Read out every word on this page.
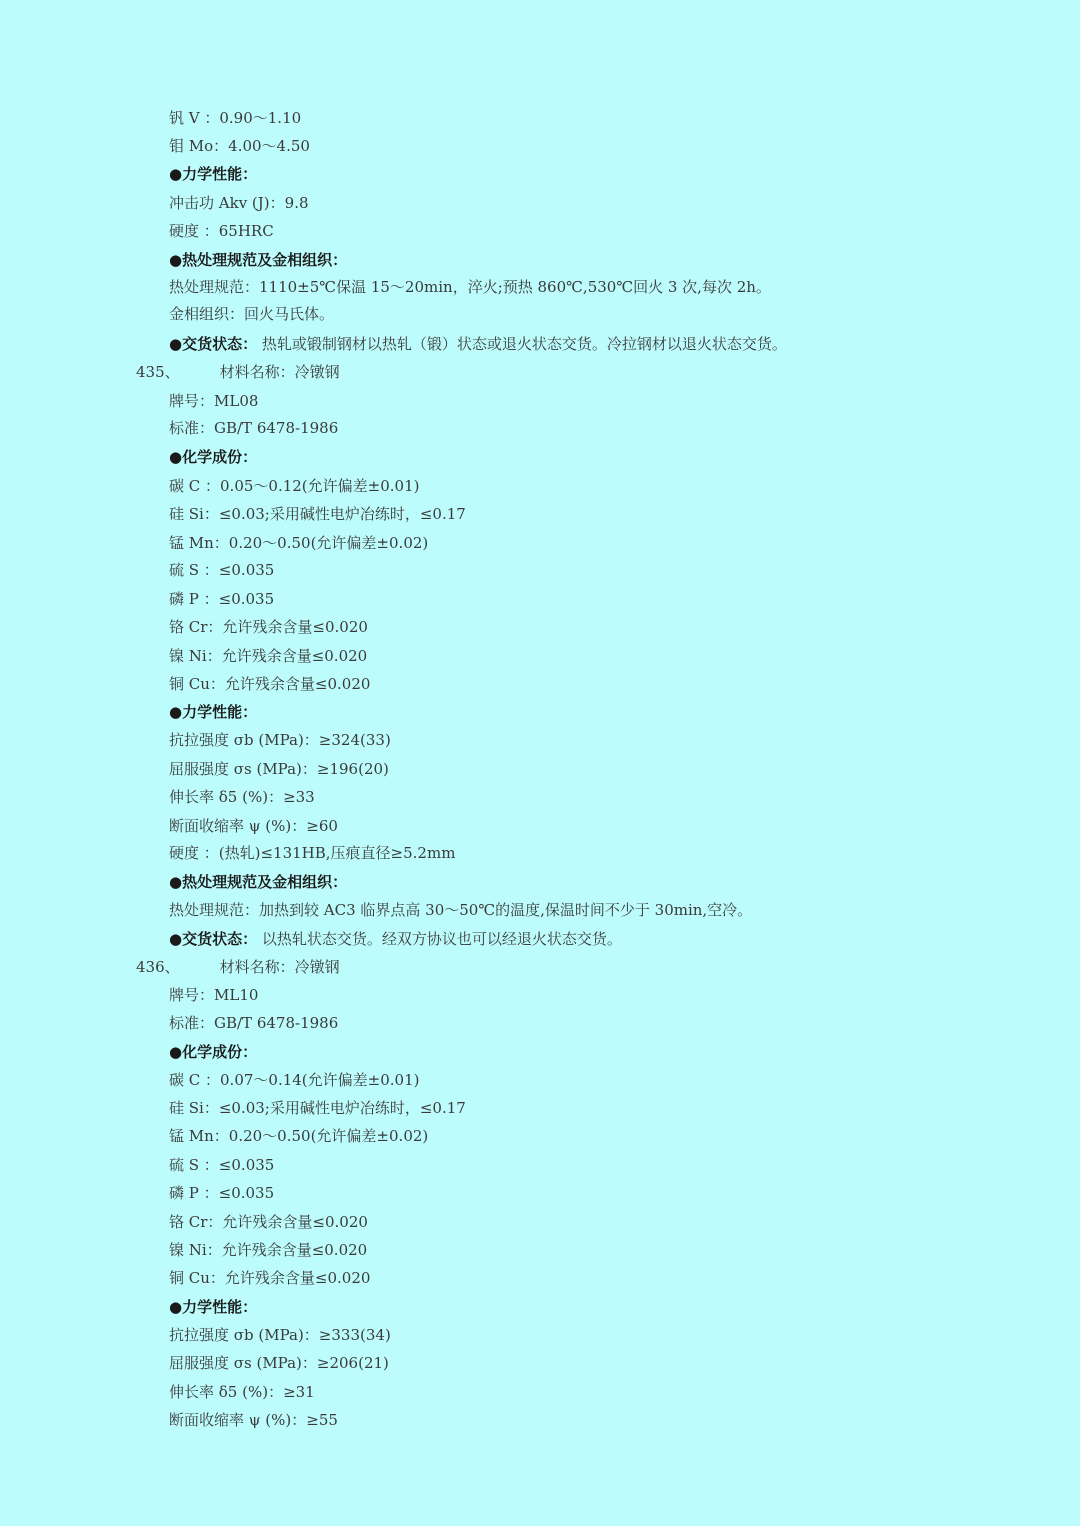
钒 V ：0.90～1.10
钼 Mo：4.00～4.50
●力学性能：
冲击功 Akv (J)：9.8
硬度 ：65HRC
●热处理规范及金相组织：
热处理规范：1110±5℃保温 15～20min，淬火;预热 860℃,530℃回火 3 次,每次 2h。
金相组织：回火马氏体。
●交货状态： 热轧或锻制钢材以热轧（锻）状态或退火状态交货。冷拉钢材以退火状态交货。
435、	材料名称：冷镦钢
牌号：ML08
标准：GB/T 6478-1986
●化学成份：
碳 C ：0.05～0.12(允许偏差±0.01)
硅 Si：≤0.03;采用碱性电炉冶练时，≤0.17
锰 Mn：0.20～0.50(允许偏差±0.02)
硫 S ：≤0.035
磷 P ：≤0.035
铬 Cr：允许残余含量≤0.020
镍 Ni：允许残余含量≤0.020
铜 Cu：允许残余含量≤0.020
●力学性能：
抗拉强度 σb (MPa)：≥324(33)
屈服强度 σs (MPa)：≥196(20)
伸长率 δ5 (%)：≥33
断面收缩率 ψ (%)：≥60
硬度 ：(热轧)≤131HB,压痕直径≥5.2mm
●热处理规范及金相组织：
热处理规范：加热到较 AC3 临界点高 30～50℃的温度,保温时间不少于 30min,空冷。
●交货状态： 以热轧状态交货。经双方协议也可以经退火状态交货。
436、	材料名称：冷镦钢
牌号：ML10
标准：GB/T 6478-1986
●化学成份：
碳 C ：0.07～0.14(允许偏差±0.01)
硅 Si：≤0.03;采用碱性电炉冶练时，≤0.17
锰 Mn：0.20～0.50(允许偏差±0.02)
硫 S ：≤0.035
磷 P ：≤0.035
铬 Cr：允许残余含量≤0.020
镍 Ni：允许残余含量≤0.020
铜 Cu：允许残余含量≤0.020
●力学性能：
抗拉强度 σb (MPa)：≥333(34)
屈服强度 σs (MPa)：≥206(21)
伸长率 δ5 (%)：≥31
断面收缩率 ψ (%)：≥55
